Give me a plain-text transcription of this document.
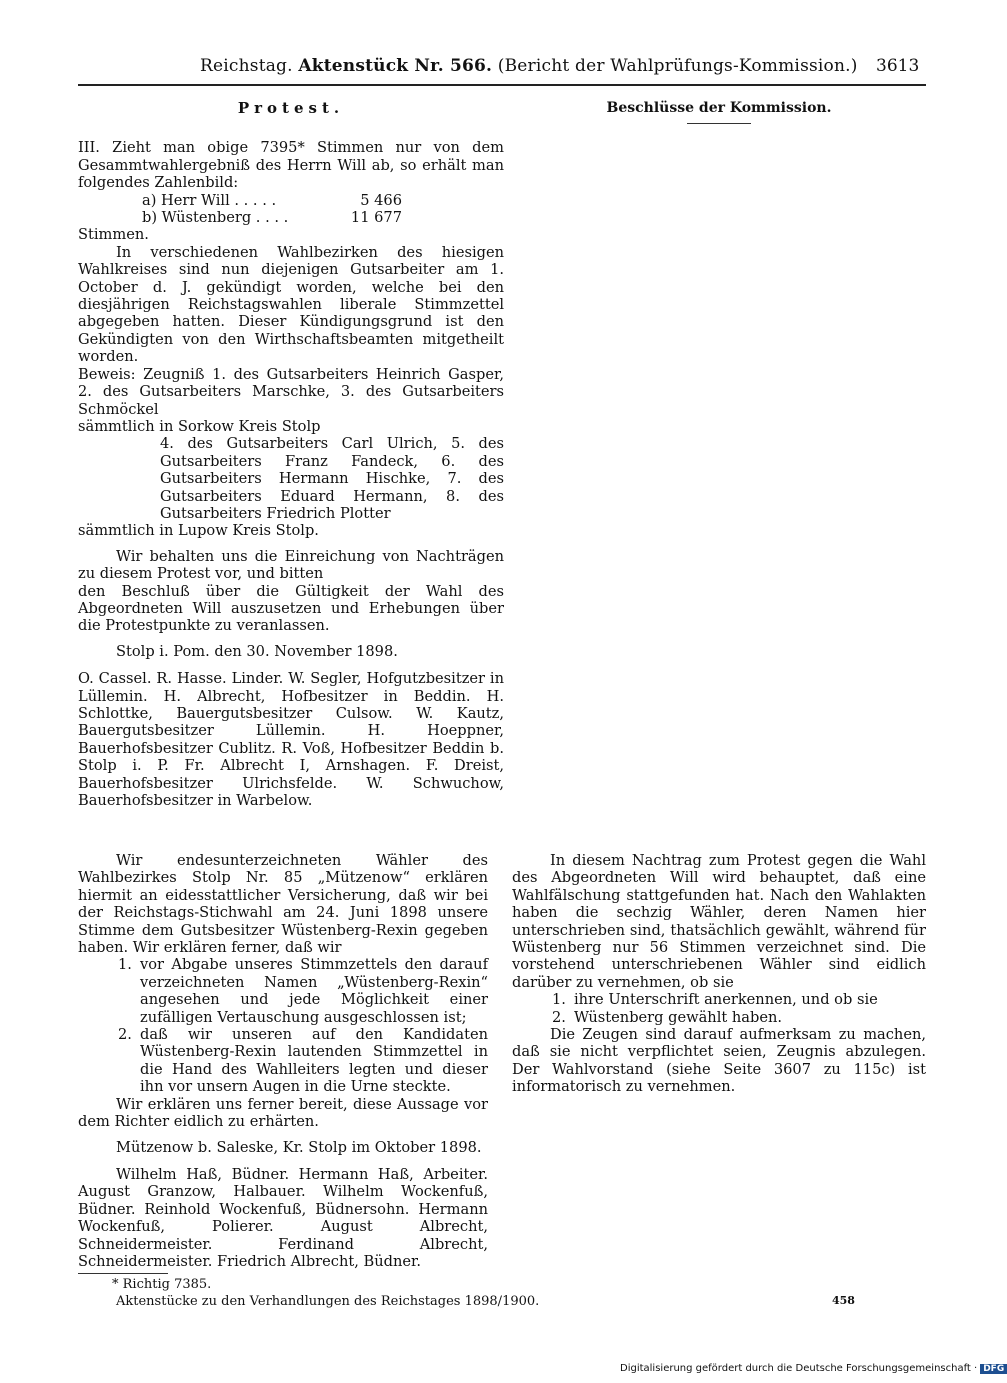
Reichstag. Aktenstück Nr. 566. (Bericht der Wahlprüfungs-Kommission.) 3613

Protest.

III. Zieht man obige 7395* Stimmen nur von dem Gesammtwahlergebniß des Herrn Will ab, so erhält man folgendes Zahlenbild:

a) Herr Will . . . . .	5 466
b) Wüstenberg . . . .	11 677

Stimmen.

In verschiedenen Wahlbezirken des hiesigen Wahlkreises sind nun diejenigen Gutsarbeiter am 1. October d. J. gekündigt worden, welche bei den diesjährigen Reichstagswahlen liberale Stimmzettel abgegeben hatten. Dieser Kündigungsgrund ist den Gekündigten von den Wirthschaftsbeamten mitgetheilt worden.

Beweis: Zeugniß 1. des Gutsarbeiters Heinrich Gasper, 2. des Gutsarbeiters Marschke, 3. des Gutsarbeiters Schmöckel

sämmtlich in Sorkow Kreis Stolp

4. des Gutsarbeiters Carl Ulrich, 5. des Gutsarbeiters Franz Fandeck, 6. des Gutsarbeiters Hermann Hischke, 7. des Gutsarbeiters Eduard Hermann, 8. des Gutsarbeiters Friedrich Plotter

sämmtlich in Lupow Kreis Stolp.

Wir behalten uns die Einreichung von Nachträgen zu diesem Protest vor, und bitten

den Beschluß über die Gültigkeit der Wahl des Abgeordneten Will auszusetzen und Erhebungen über die Protestpunkte zu veranlassen.

Stolp i. Pom. den 30. November 1898.

O. Cassel. R. Hasse. Linder. W. Segler, Hofgutzbesitzer in Lüllemin. H. Albrecht, Hofbesitzer in Beddin. H. Schlottke, Bauergutsbesitzer Culsow. W. Kautz, Bauergutsbesitzer Lüllemin. H. Hoeppner, Bauerhofsbesitzer Cublitz. R. Voß, Hofbesitzer Beddin b. Stolp i. P. Fr. Albrecht I, Arnshagen. F. Dreist, Bauerhofsbesitzer Ulrichsfelde. W. Schwuchow, Bauerhofsbesitzer in Warbelow.

Beschlüsse der Kommission.

Wir endesunterzeichneten Wähler des Wahlbezirkes Stolp Nr. 85 „Mützenow“ erklären hiermit an eidesstattlicher Versicherung, daß wir bei der Reichstags-Stichwahl am 24. Juni 1898 unsere Stimme dem Gutsbesitzer Wüstenberg-Rexin gegeben haben. Wir erklären ferner, daß wir

1. vor Abgabe unseres Stimmzettels den darauf verzeichneten Namen „Wüstenberg-Rexin“ angesehen und jede Möglichkeit einer zufälligen Vertauschung ausgeschlossen ist;
2. daß wir unseren auf den Kandidaten Wüstenberg-Rexin lautenden Stimmzettel in die Hand des Wahlleiters legten und dieser ihn vor unsern Augen in die Urne steckte.

Wir erklären uns ferner bereit, diese Aussage vor dem Richter eidlich zu erhärten.

Mützenow b. Saleske, Kr. Stolp im Oktober 1898.

Wilhelm Haß, Büdner. Hermann Haß, Arbeiter. August Granzow, Halbauer. Wilhelm Wockenfuß, Büdner. Reinhold Wockenfuß, Büdnersohn. Hermann Wockenfuß, Polierer. August Albrecht, Schneidermeister. Ferdinand Albrecht, Schneidermeister. Friedrich Albrecht, Büdner.

In diesem Nachtrag zum Protest gegen die Wahl des Abgeordneten Will wird behauptet, daß eine Wahlfälschung stattgefunden hat. Nach den Wahlakten haben die sechzig Wähler, deren Namen hier unterschrieben sind, thatsächlich gewählt, während für Wüstenberg nur 56 Stimmen verzeichnet sind. Die vorstehend unterschriebenen Wähler sind eidlich darüber zu vernehmen, ob sie

1. ihre Unterschrift anerkennen, und ob sie
2. Wüstenberg gewählt haben.

Die Zeugen sind darauf aufmerksam zu machen, daß sie nicht verpflichtet seien, Zeugnis abzulegen. Der Wahlvorstand (siehe Seite 3607 zu 115c) ist informatorisch zu vernehmen.

* Richtig 7385.
Aktenstücke zu den Verhandlungen des Reichstages 1898/1900.	458
Digitalisierung gefördert durch die Deutsche Forschungsgemeinschaft · DFG
